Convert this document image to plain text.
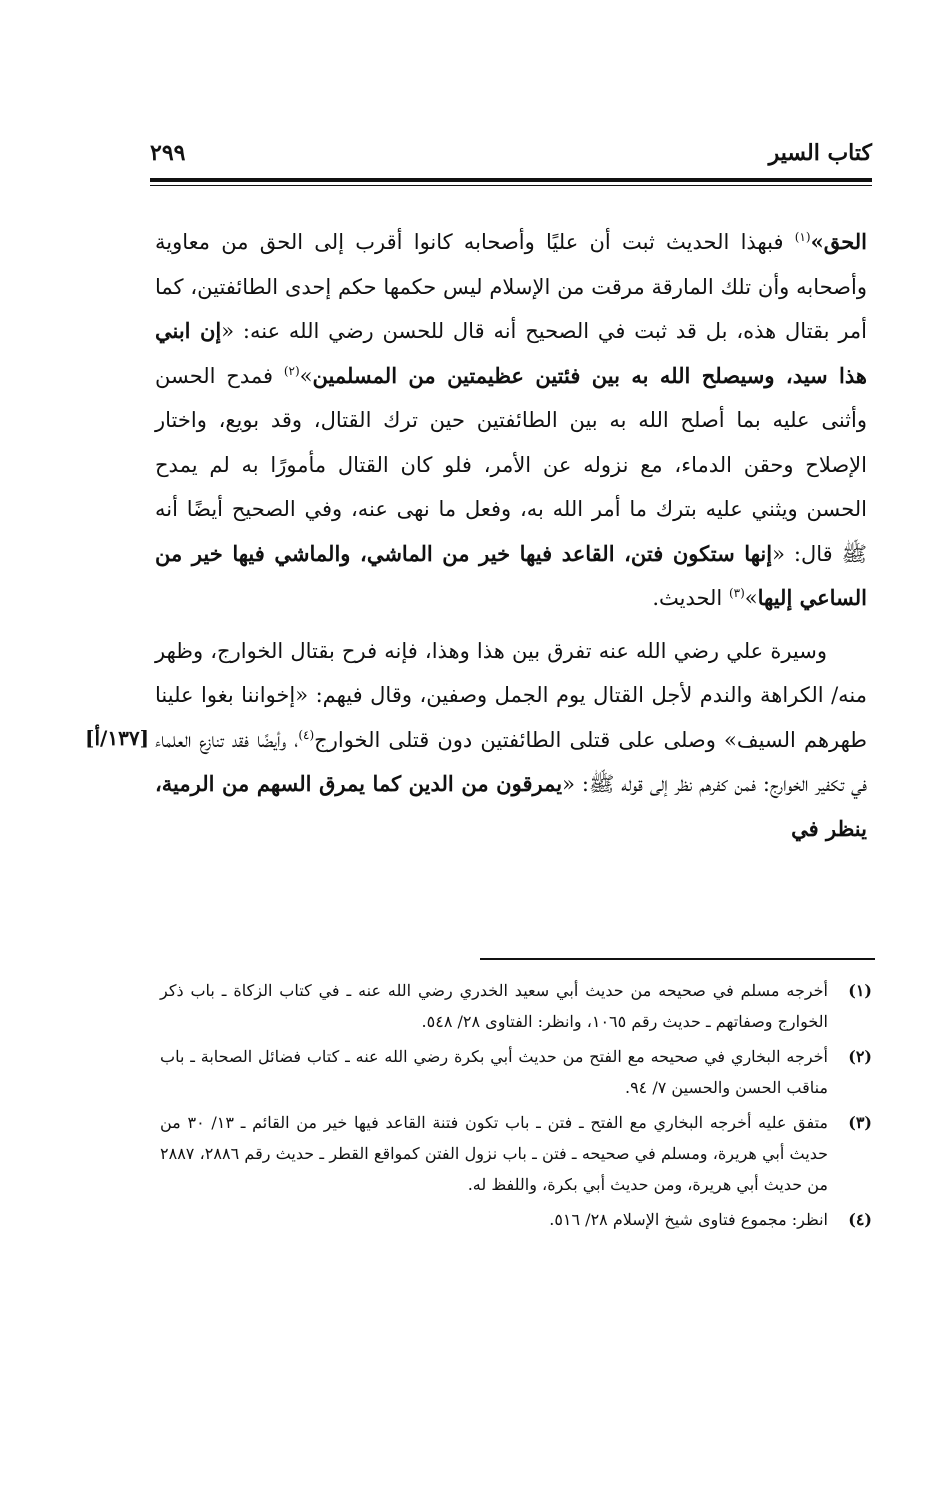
كتاب السير
٢٩٩

الحق»$^{(١)}$ فبهذا الحديث ثبت أن عليًا وأصحابه كانوا أقرب إلى الحق من معاوية وأصحابه وأن تلك المارقة مرقت من الإسلام ليس حكمها حكم إحدى الطائفتين، كما أمر بقتال هذه، بل قد ثبت في الصحيح أنه قال للحسن رضي الله عنه: «إن ابني هذا سيد، وسيصلح الله به بين فئتين عظيمتين من المسلمين»$^{(٢)}$ فمدح الحسن وأثنى عليه بما أصلح الله به بين الطائفتين حين ترك القتال، وقد بويع، واختار الإصلاح وحقن الدماء، مع نزوله عن الأمر، فلو كان القتال مأمورًا به لم يمدح الحسن ويثني عليه بترك ما أمر الله به، وفعل ما نهى عنه، وفي الصحيح أيضًا أنه ﷺ قال: «إنها ستكون فتن، القاعد فيها خير من الماشي، والماشي فيها خير من الساعي إليها»$^{(٣)}$ الحديث.

وسيرة علي رضي الله عنه تفرق بين هذا وهذا، فإنه فرح بقتال الخوارج، وظهر منه/ الكراهة والندم لأجل القتال يوم الجمل وصفين، وقال فيهم: «إخواننا بغوا علينا طهرهم السيف» وصلى على قتلى الطائفتين دون قتلى الخوارج$^{(٤)}$، وأيضًا فقد تنازع العلماء في تكفير الخوارج: فمن كفرهم نظر إلى قوله ﷺ: «يمرقون من الدين كما يمرق السهم من الرمية، ينظر في

[١٣٧/أ]
(١)
أخرجه مسلم في صحيحه من حديث أبي سعيد الخدري رضي الله عنه ـ في كتاب الزكاة ـ باب ذكر الخوارج وصفاتهم ـ حديث رقم ١٠٦٥، وانظر: الفتاوى ٢٨/ ٥٤٨.
(٢)
أخرجه البخاري في صحيحه مع الفتح من حديث أبي بكرة رضي الله عنه ـ كتاب فضائل الصحابة ـ باب مناقب الحسن والحسين ٧/ ٩٤.
(٣)
متفق عليه أخرجه البخاري مع الفتح ـ فتن ـ باب تكون فتنة القاعد فيها خير من القائم ـ ١٣/ ٣٠ من حديث أبي هريرة، ومسلم في صحيحه ـ فتن ـ باب نزول الفتن كمواقع القطر ـ حديث رقم ٢٨٨٦، ٢٨٨٧ من حديث أبي هريرة، ومن حديث أبي بكرة، واللفظ له.
(٤)
انظر: مجموع فتاوى شيخ الإسلام ٢٨/ ٥١٦.
